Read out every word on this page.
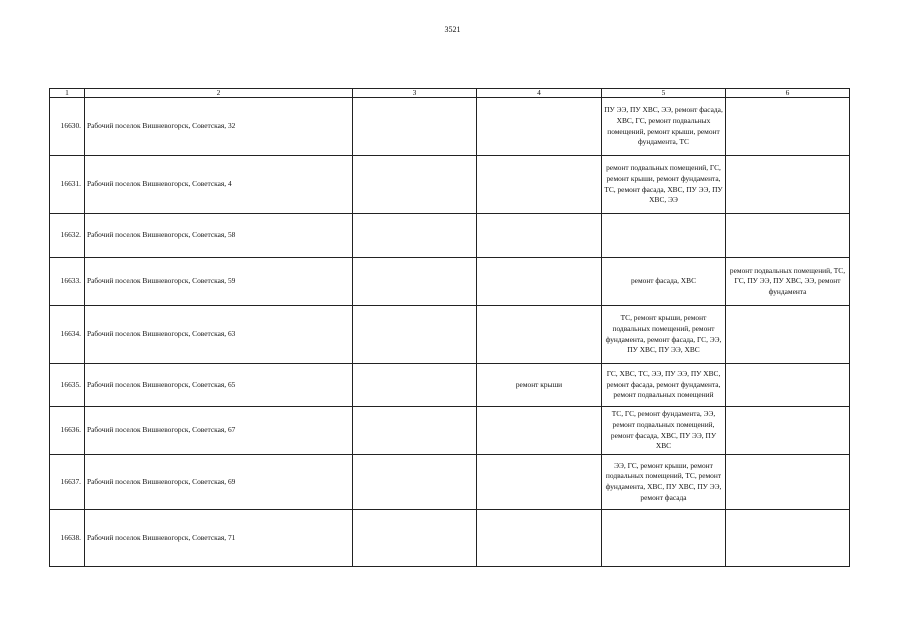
3521
1	2	3	4	5	6
16630.	Рабочий поселок Вишневогорск, Советская, 32			ПУ ЭЭ, ПУ ХВС, ЭЭ, ремонт фасада, ХВС, ГС, ремонт подвальных помещений, ремонт крыши, ремонт фундамента, ТС	
16631.	Рабочий поселок Вишневогорск, Советская, 4			ремонт подвальных помещений, ГС, ремонт крыши, ремонт фундамента, ТС, ремонт фасада, ХВС, ПУ ЭЭ, ПУ ХВС, ЭЭ	
16632.	Рабочий поселок Вишневогорск, Советская, 58				
16633.	Рабочий поселок Вишневогорск, Советская, 59			ремонт фасада, ХВС	ремонт подвальных помещений, ТС, ГС, ПУ ЭЭ, ПУ ХВС, ЭЭ, ремонт фундамента
16634.	Рабочий поселок Вишневогорск, Советская, 63			ТС, ремонт крыши, ремонт подвальных помещений, ремонт фундамента, ремонт фасада, ГС, ЭЭ, ПУ ХВС, ПУ ЭЭ, ХВС	
16635.	Рабочий поселок Вишневогорск, Советская, 65		ремонт крыши	ГС, ХВС, ТС, ЭЭ, ПУ ЭЭ, ПУ ХВС, ремонт фасада, ремонт фундамента, ремонт подвальных помещений	
16636.	Рабочий поселок Вишневогорск, Советская, 67			ТС, ГС, ремонт фундамента, ЭЭ, ремонт подвальных помещений, ремонт фасада, ХВС, ПУ ЭЭ, ПУ ХВС	
16637.	Рабочий поселок Вишневогорск, Советская, 69			ЭЭ, ГС, ремонт крыши, ремонт подвальных помещений, ТС, ремонт фундамента, ХВС, ПУ ХВС, ПУ ЭЭ, ремонт фасада	
16638.	Рабочий поселок Вишневогорск, Советская, 71				
